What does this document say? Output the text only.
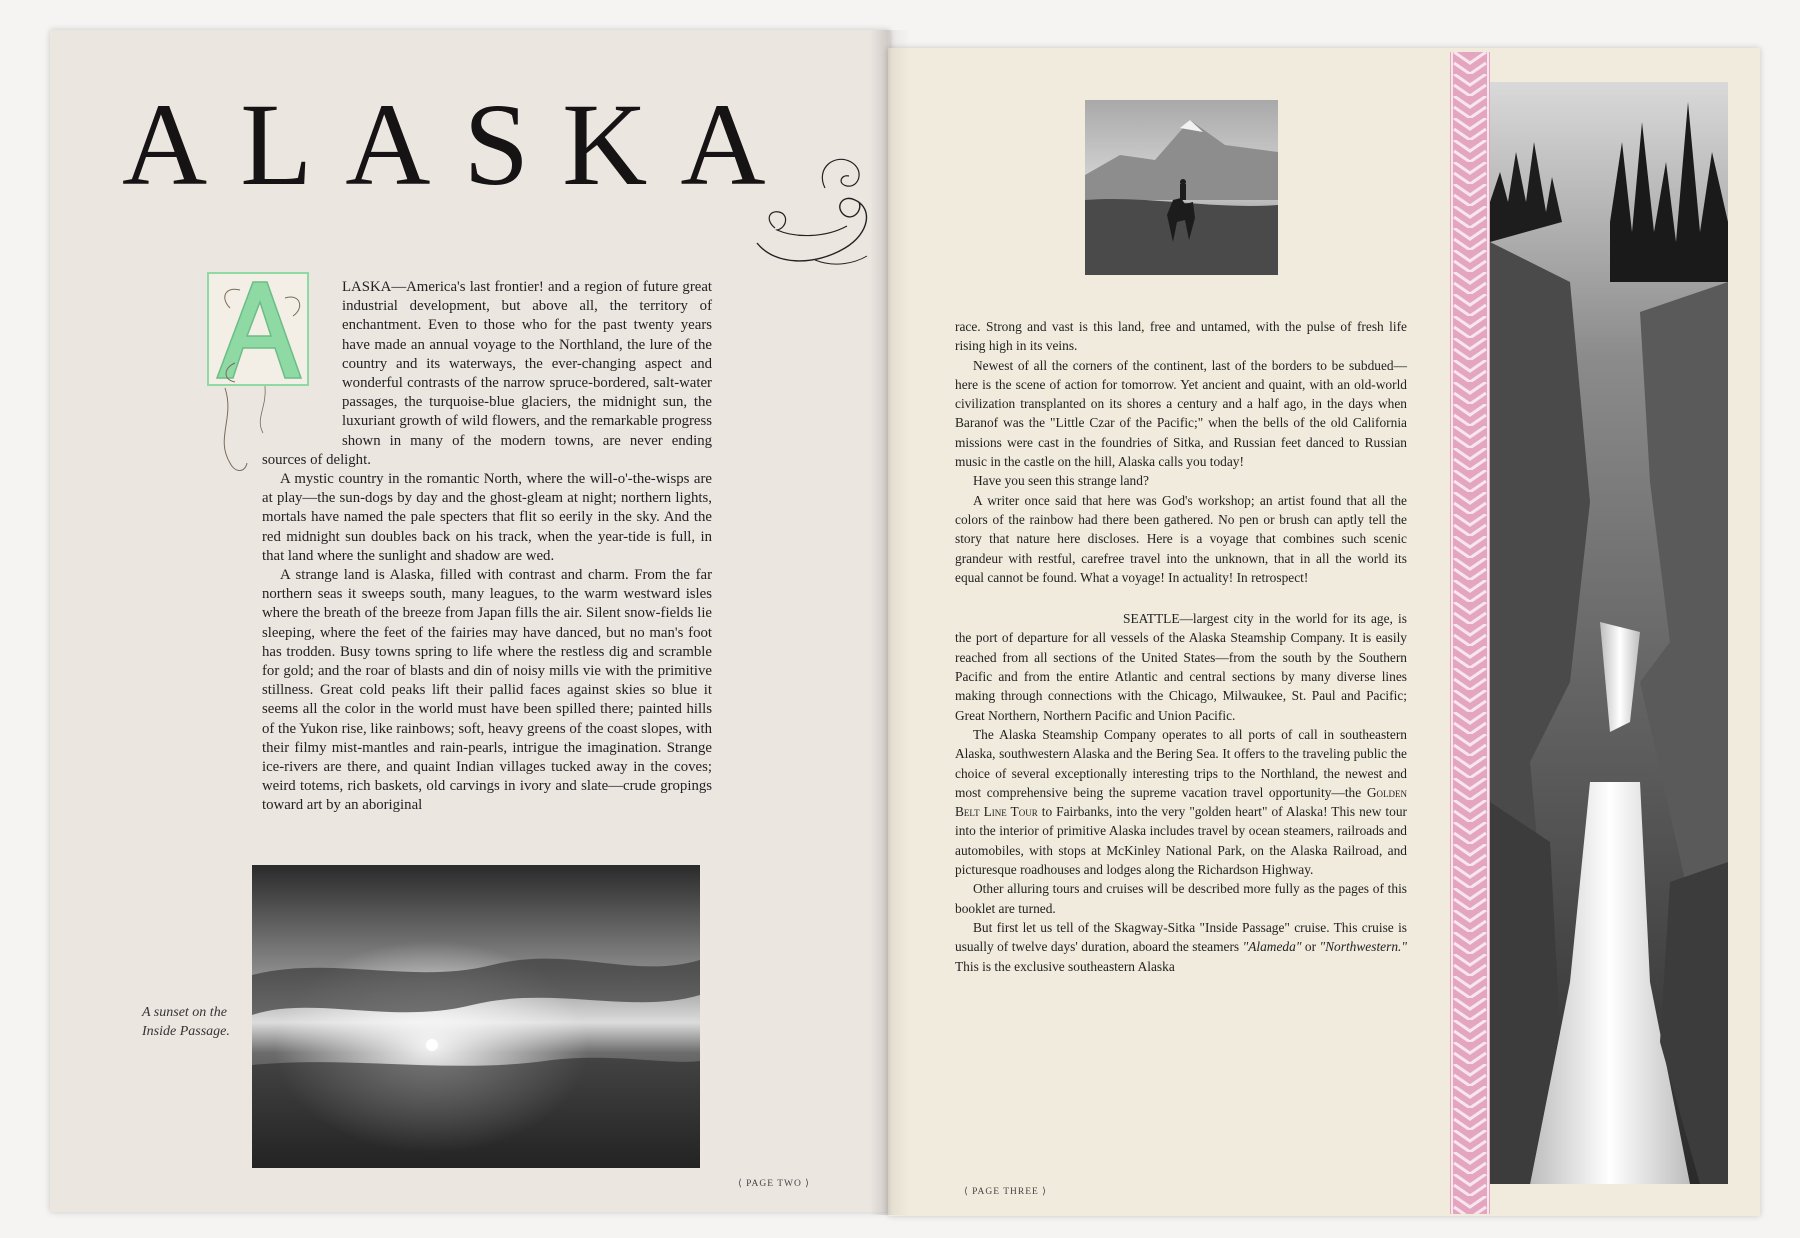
ALASKA

LASKA—America's last frontier! and a region of future great industrial development, but above all, the territory of enchantment. Even to those who for the past twenty years have made an annual voyage to the Northland, the lure of the country and its waterways, the ever-changing aspect and wonderful contrasts of the narrow spruce-bordered, salt-water passages, the turquoise-blue glaciers, the midnight sun, the luxuriant growth of wild flowers, and the remarkable progress shown in many of the modern towns, are never ending sources of delight.

A mystic country in the romantic North, where the will-o'-the-wisps are at play—the sun-dogs by day and the ghost-gleam at night; northern lights, mortals have named the pale specters that flit so eerily in the sky. And the red midnight sun doubles back on his track, when the year-tide is full, in that land where the sunlight and shadow are wed.

A strange land is Alaska, filled with contrast and charm. From the far northern seas it sweeps south, many leagues, to the warm westward isles where the breath of the breeze from Japan fills the air. Silent snow-fields lie sleeping, where the feet of the fairies may have danced, but no man's foot has trodden. Busy towns spring to life where the restless dig and scramble for gold; and the roar of blasts and din of noisy mills vie with the primitive stillness. Great cold peaks lift their pallid faces against skies so blue it seems all the color in the world must have been spilled there; painted hills of the Yukon rise, like rainbows; soft, heavy greens of the coast slopes, with their filmy mist-mantles and rain-pearls, intrigue the imagination. Strange ice-rivers are there, and quaint Indian villages tucked away in the coves; weird totems, rich baskets, old carvings in ivory and slate—crude gropings toward art by an aboriginal

A sunset on the Inside Passage.
⟨ PAGE TWO ⟩

race. Strong and vast is this land, free and untamed, with the pulse of fresh life rising high in its veins.

Newest of all the corners of the continent, last of the borders to be subdued—here is the scene of action for tomorrow. Yet ancient and quaint, with an old-world civilization transplanted on its shores a century and a half ago, in the days when Baranof was the "Little Czar of the Pacific;" when the bells of the old California missions were cast in the foundries of Sitka, and Russian feet danced to Russian music in the castle on the hill, Alaska calls you today!

Have you seen this strange land?

A writer once said that here was God's workshop; an artist found that all the colors of the rainbow had there been gathered. No pen or brush can aptly tell the story that nature here discloses. Here is a voyage that combines such scenic grandeur with restful, carefree travel into the unknown, that in all the world its equal cannot be found. What a voyage! In actuality! In retrospect!

SEATTLE—largest city in the world for its age, is the port of departure for all vessels of the Alaska Steamship Company. It is easily reached from all sections of the United States—from the south by the Southern Pacific and from the entire Atlantic and central sections by many diverse lines making through connections with the Chicago, Milwaukee, St. Paul and Pacific; Great Northern, Northern Pacific and Union Pacific.

The Alaska Steamship Company operates to all ports of call in southeastern Alaska, southwestern Alaska and the Bering Sea. It offers to the traveling public the choice of several exceptionally interesting trips to the Northland, the newest and most comprehensive being the supreme vacation travel opportunity—the Golden Belt Line Tour to Fairbanks, into the very "golden heart" of Alaska! This new tour into the interior of primitive Alaska includes travel by ocean steamers, railroads and automobiles, with stops at McKinley National Park, on the Alaska Railroad, and picturesque roadhouses and lodges along the Richardson Highway.

Other alluring tours and cruises will be described more fully as the pages of this booklet are turned.

But first let us tell of the Skagway-Sitka "Inside Passage" cruise. This cruise is usually of twelve days' duration, aboard the steamers "Alameda" or "Northwestern." This is the exclusive southeastern Alaska

⟨ PAGE THREE ⟩
